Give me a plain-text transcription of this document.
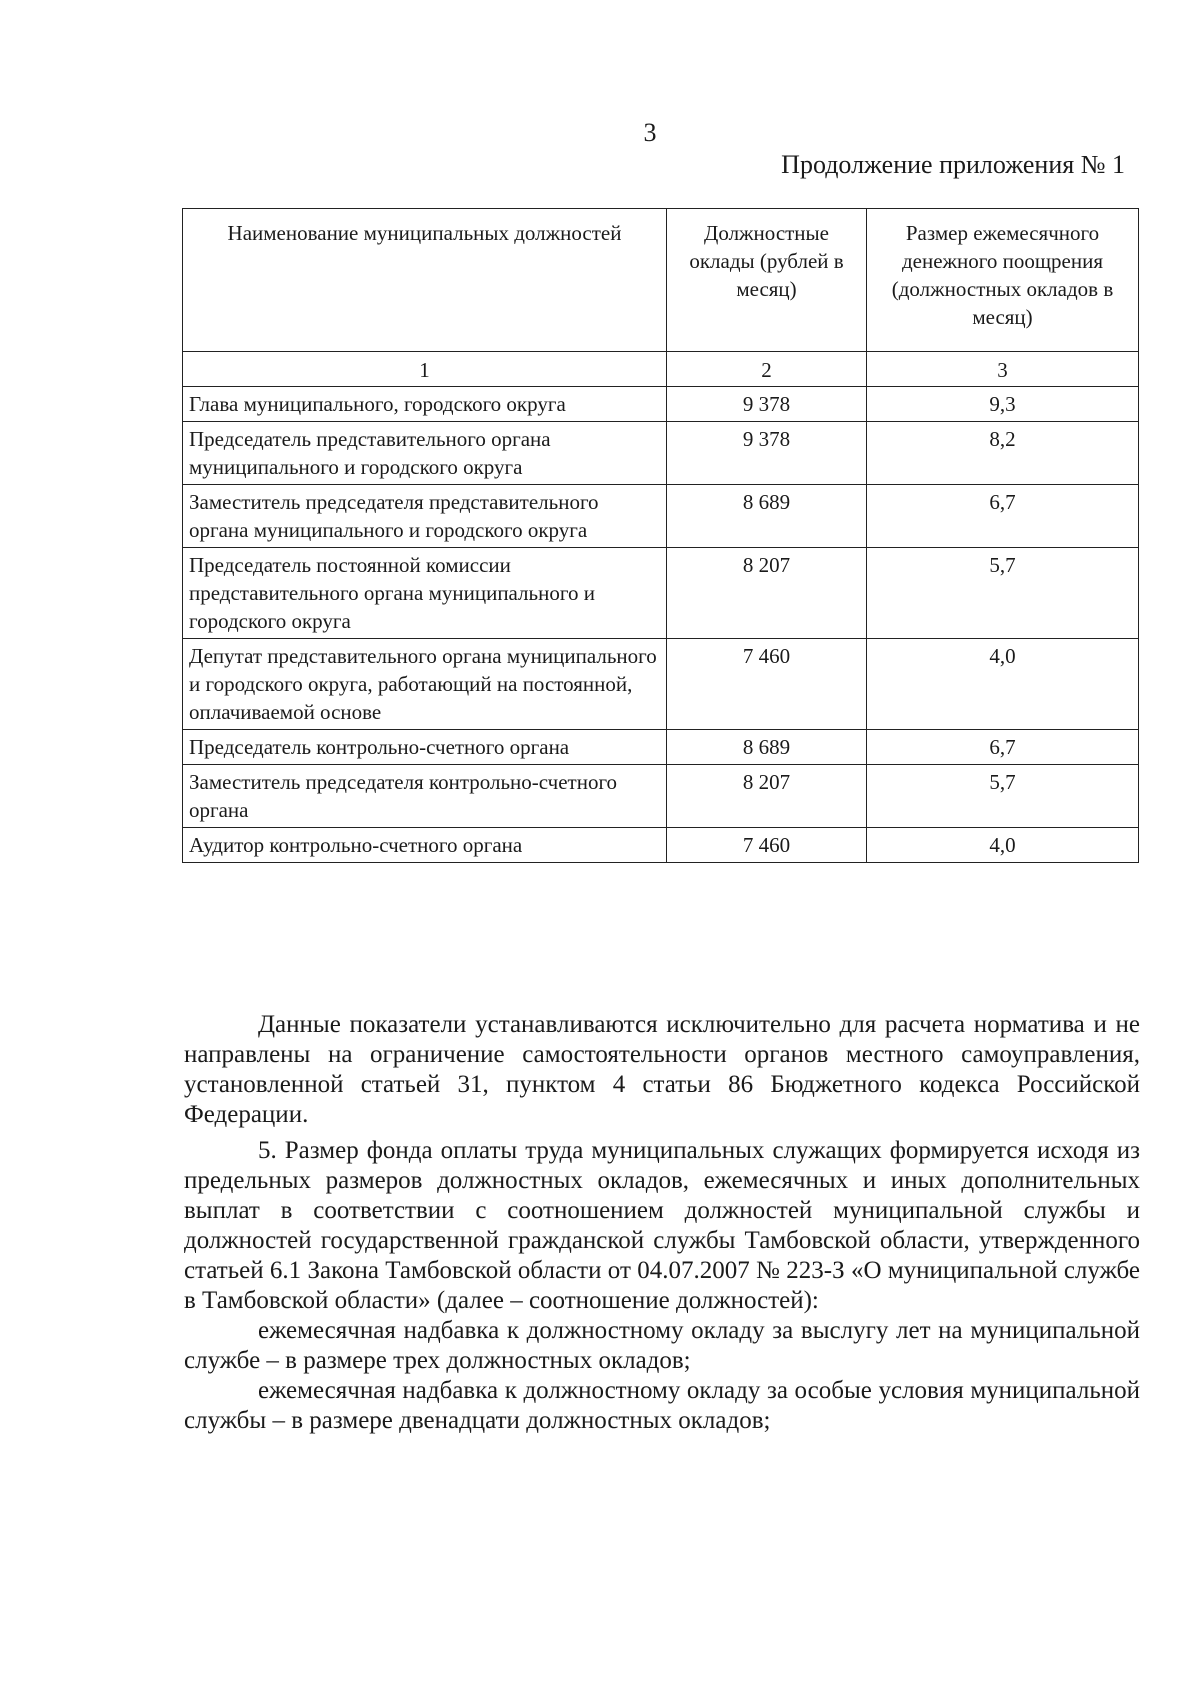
3
Продолжение приложения № 1
Наименование муниципальных должностей	Должностные оклады (рублей в месяц)	Размер ежемесячного денежного поощрения (должностных окладов в месяц)
1	2	3
Глава муниципального, городского округа	9 378	9,3
Председатель представительного органа муниципального и городского округа	9 378	8,2
Заместитель председателя представительного органа муниципального и городского округа	8 689	6,7
Председатель постоянной комиссии представительного органа муниципального и городского округа	8 207	5,7
Депутат представительного органа муниципального и городского округа, работающий на постоянной, оплачиваемой основе	7 460	4,0
Председатель контрольно-счетного органа	8 689	6,7
Заместитель председателя контрольно-счетного органа	8 207	5,7
Аудитор контрольно-счетного органа	7 460	4,0

Данные показатели устанавливаются исключительно для расчета норматива и не направлены на ограничение самостоятельности органов местного самоуправления, установленной статьей 31, пунктом 4 статьи 86 Бюджетного кодекса Российской Федерации.

5. Размер фонда оплаты труда муниципальных служащих формируется исходя из предельных размеров должностных окладов, ежемесячных и иных дополнительных выплат в соответствии с соотношением должностей муниципальной службы и должностей государственной гражданской службы Тамбовской области, утвержденного статьей 6.1 Закона Тамбовской области от 04.07.2007 № 223-З «О муниципальной службе в Тамбовской области» (далее – соотношение должностей):

ежемесячная надбавка к должностному окладу за выслугу лет на муниципальной службе – в размере трех должностных окладов;

ежемесячная надбавка к должностному окладу за особые условия муниципальной службы – в размере двенадцати должностных окладов;
